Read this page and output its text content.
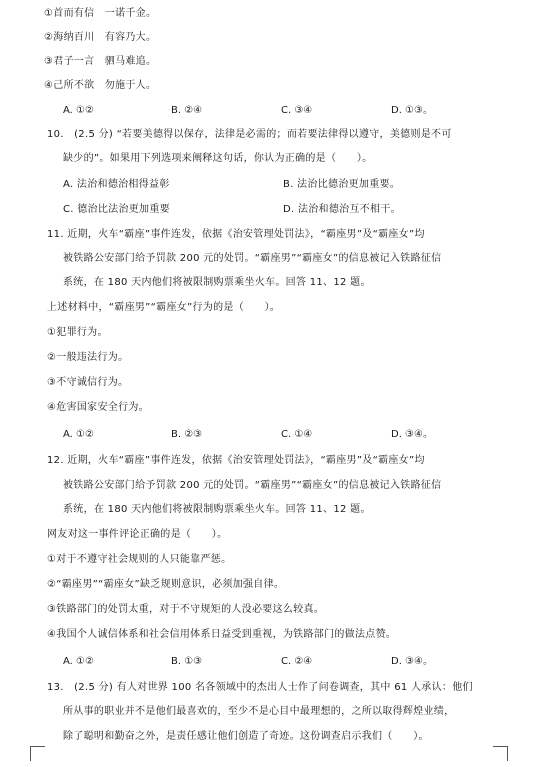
①首而有信　一诺千金。
②海纳百川　有容乃大。
③君子一言　驷马难追。
④己所不欲　勿施于人。
A. ①②	B. ②④	C. ③④	D. ①③。
10.　(2.5 分) “若要美德得以保存，法律是必需的；而若要法律得以遵守，美德则是不可
缺少的”。如果用下列选项来阐释这句话，你认为正确的是（　　）。
A. 法治和德治相得益彰	B. 法治比德治更加重要。
C. 德治比法治更加重要	D. 法治和德治互不相干。
11. 近期，火车“霸座”事件连发，依据《治安管理处罚法》，“霸座男”及“霸座女”均
被铁路公安部门给予罚款 200 元的处罚。“霸座男”“霸座女”的信息被记入铁路征信
系统，在 180 天内他们将被限制购票乘坐火车。回答 11、12 题。
上述材料中，“霸座男”“霸座女”行为的是（　　）。
①犯罪行为。
②一般违法行为。
③不守诚信行为。
④危害国家安全行为。
A. ①②	B. ②③	C. ①④	D. ③④。
12. 近期，火车“霸座”事件连发，依据《治安管理处罚法》，“霸座男”及“霸座女”均
被铁路公安部门给予罚款 200 元的处罚。“霸座男”“霸座女”的信息被记入铁路征信
系统，在 180 天内他们将被限制购票乘坐火车。回答 11、12 题。
网友对这一事件评论正确的是（　　）。
①对于不遵守社会规则的人只能靠严惩。
②“霸座男”“霸座女”缺乏规则意识，必须加强自律。
③铁路部门的处罚太重，对于不守规矩的人没必要这么较真。
④我国个人诚信体系和社会信用体系日益受到重视，为铁路部门的做法点赞。
A. ①②	B. ①③	C. ②④	D. ③④。
13.　(2.5 分) 有人对世界 100 名各领域中的杰出人士作了问卷调查，其中 61 人承认：他们
所从事的职业并不是他们最喜欢的，至少不是心目中最理想的，之所以取得辉煌业绩，
除了聪明和勤奋之外，是责任感让他们创造了奇迹。这份调查启示我们（　　）。
